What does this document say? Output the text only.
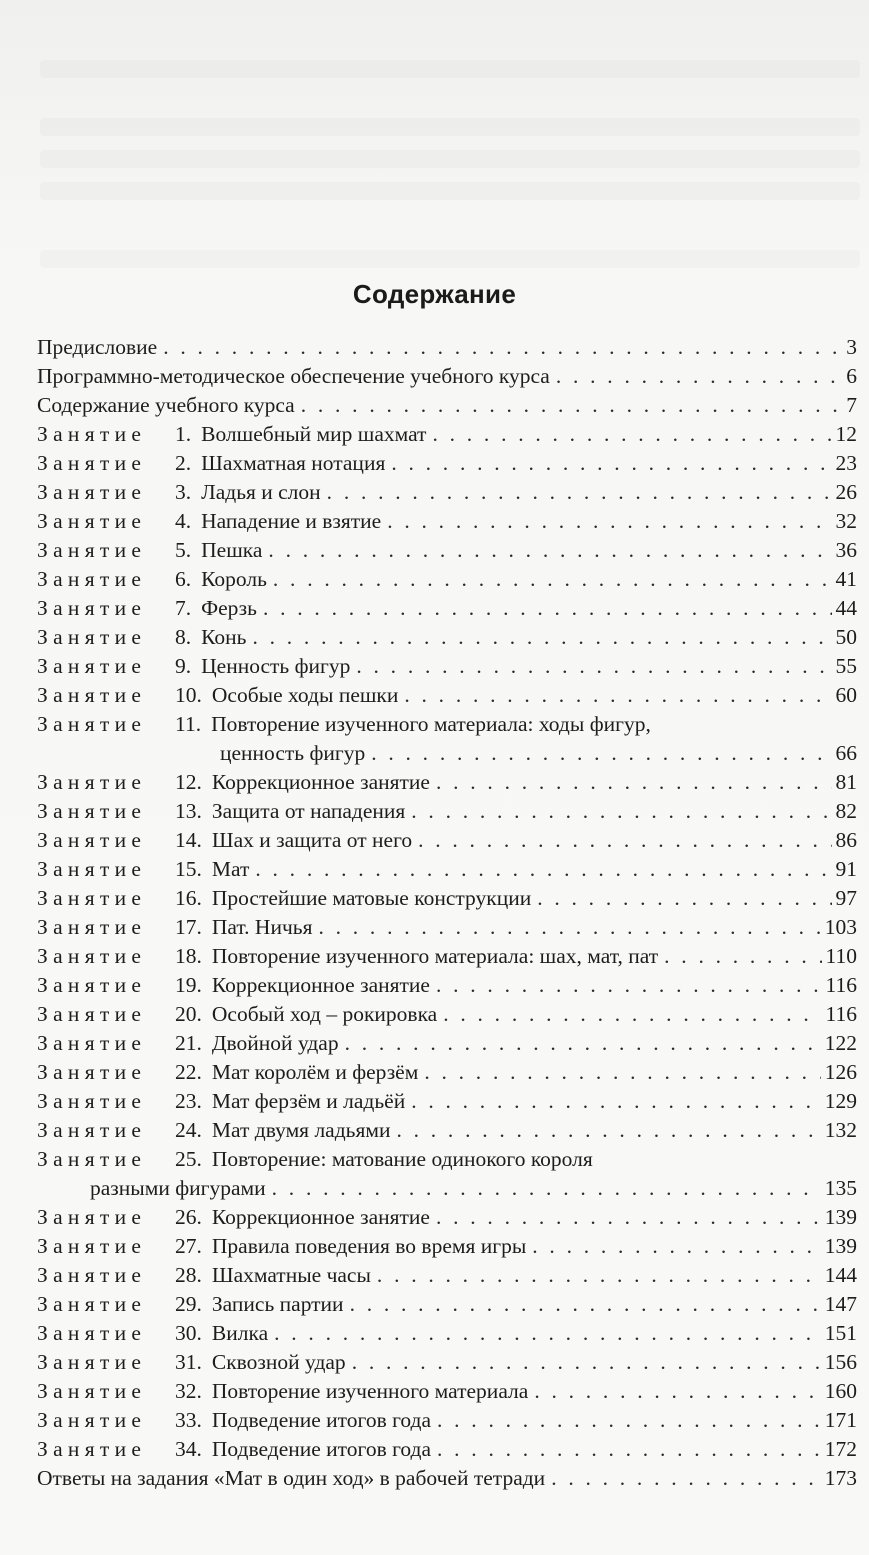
Содержание
Предисловие . . .	3
Программно-методическое обеспечение учебного курса . . .	6
Содержание учебного курса . . .	7
Занятие	1. Волшебный мир шахмат . . .	12
Занятие	2. Шахматная нотация . . .	23
Занятие	3. Ладья и слон . . .	26
Занятие	4. Нападение и взятие . . .	32
Занятие	5. Пешка . . .	36
Занятие	6. Король . . .	41
Занятие	7. Ферзь . . .	44
Занятие	8. Конь . . .	50
Занятие	9. Ценность фигур . . .	55
Занятие	10. Особые ходы пешки . . .	60
Занятие	11. Повторение изученного материала: ходы фигур,
ценность фигур . . .	66
Занятие	12. Коррекционное занятие . . .	81
Занятие	13. Защита от нападения . . .	82
Занятие	14. Шах и защита от него . . .	86
Занятие	15. Мат . . .	91
Занятие	16. Простейшие матовые конструкции . . .	97
Занятие	17. Пат. Ничья . . .	103
Занятие	18. Повторение изученного материала: шах, мат, пат . . .	110
Занятие	19. Коррекционное занятие . . .	116
Занятие	20. Особый ход – рокировка . . .	116
Занятие	21. Двойной удар . . .	122
Занятие	22. Мат королём и ферзём . . .	126
Занятие	23. Мат ферзём и ладьёй . . .	129
Занятие	24. Мат двумя ладьями . . .	132
Занятие	25. Повторение: матование одинокого короля
разными фигурами . . .	135
Занятие	26. Коррекционное занятие . . .	139
Занятие	27. Правила поведения во время игры . . .	139
Занятие	28. Шахматные часы . . .	144
Занятие	29. Запись партии . . .	147
Занятие	30. Вилка . . .	151
Занятие	31. Сквозной удар . . .	156
Занятие	32. Повторение изученного материала . . .	160
Занятие	33. Подведение итогов года . . .	171
Занятие	34. Подведение итогов года . . .	172
Ответы на задания «Мат в один ход» в рабочей тетради . . .	173
